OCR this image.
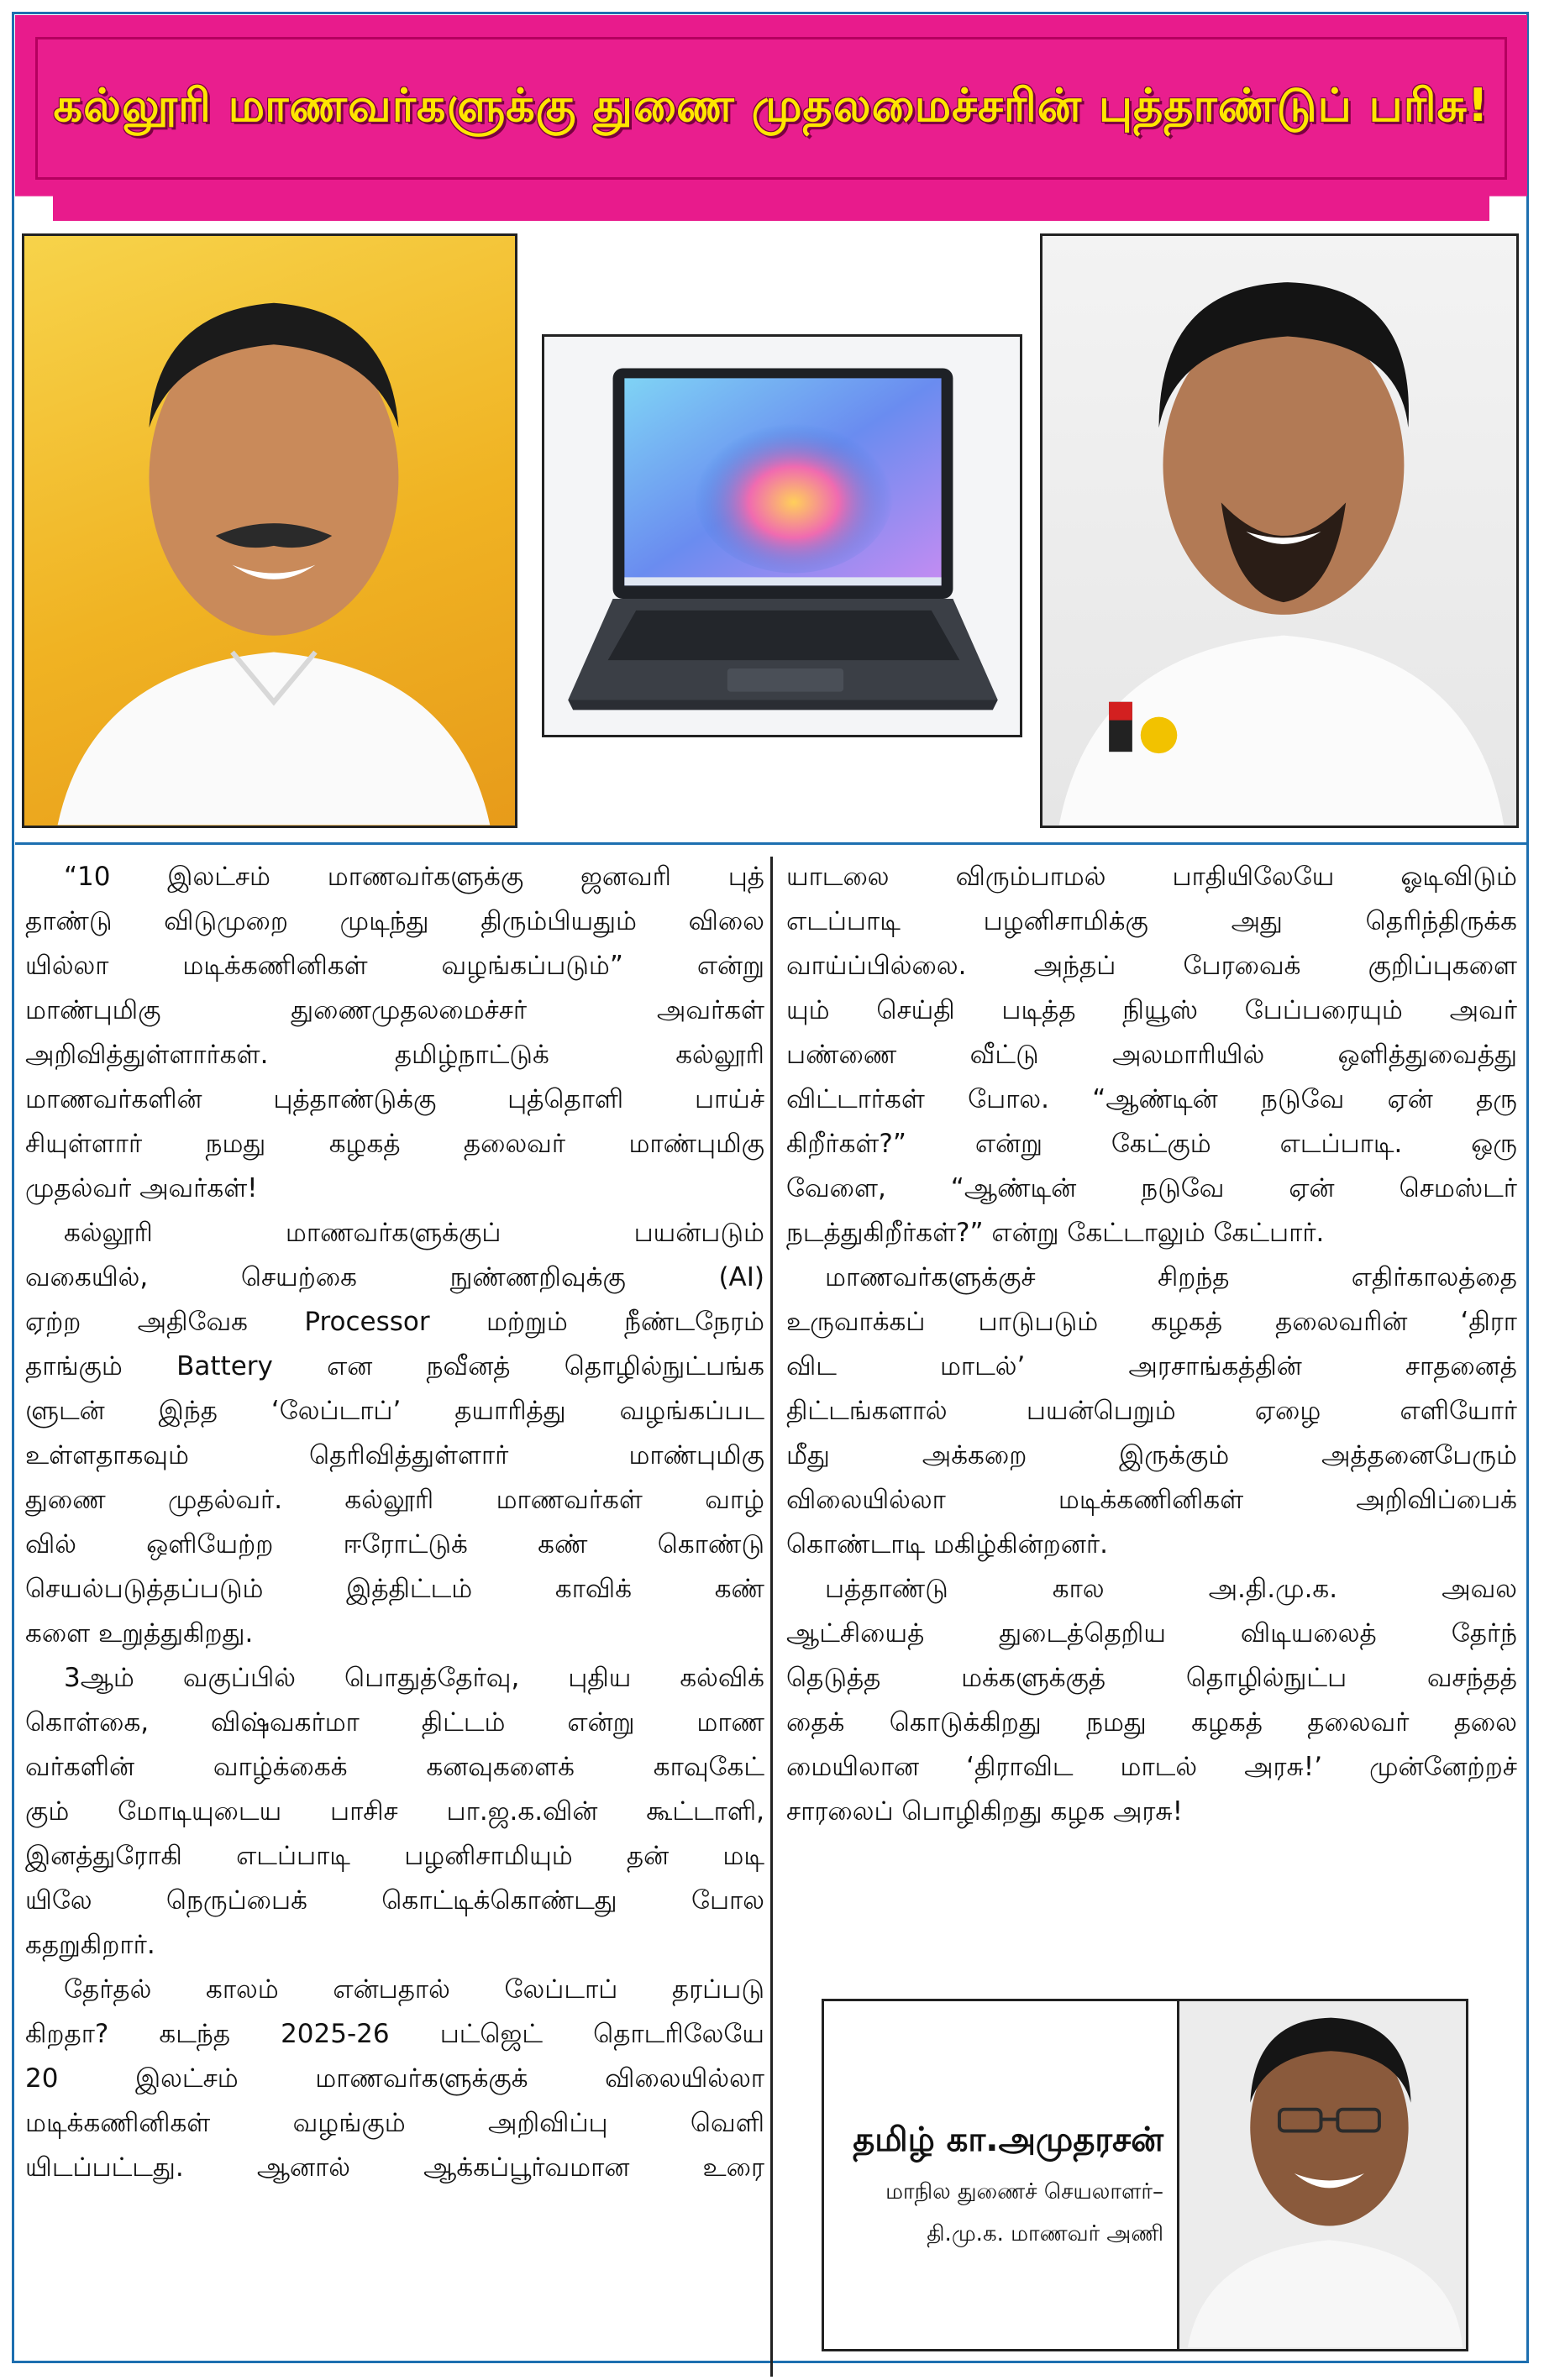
கல்லூரி மாணவர்களுக்கு துணை முதலமைச்சரின் புத்தாண்டுப் பரிசு!
“10 இலட்சம் மாணவர்களுக்கு ஜனவரி புத்
தாண்டு விடுமுறை முடிந்து திரும்பியதும் விலை
யில்லா மடிக்கணினிகள் வழங்கப்படும்” என்று
மாண்புமிகு துணைமுதலமைச்சர் அவர்கள்
அறிவித்துள்ளார்கள். தமிழ்நாட்டுக் கல்லூரி
மாணவர்களின் புத்தாண்டுக்கு புத்தொளி பாய்ச்
சியுள்ளார் நமது கழகத் தலைவர் மாண்புமிகு
முதல்வர் அவர்கள்!
கல்லூரி மாணவர்களுக்குப் பயன்படும்
வகையில், செயற்கை நுண்ணறிவுக்கு (AI)
ஏற்ற அதிவேக Processor மற்றும் நீண்டநேரம்
தாங்கும் Battery என நவீனத் தொழில்நுட்பங்க
ளுடன் இந்த ‘லேப்டாப்’ தயாரித்து வழங்கப்பட
உள்ளதாகவும் தெரிவித்துள்ளார் மாண்புமிகு
துணை முதல்வர். கல்லூரி மாணவர்கள் வாழ்
வில் ஒளியேற்ற ஈரோட்டுக் கண் கொண்டு
செயல்படுத்தப்படும் இத்திட்டம் காவிக் கண்
களை உறுத்துகிறது.
3ஆம் வகுப்பில் பொதுத்தேர்வு, புதிய கல்விக்
கொள்கை, விஷ்வகர்மா திட்டம் என்று மாண
வர்களின் வாழ்க்கைக் கனவுகளைக் காவுகேட்
கும் மோடியுடைய பாசிச பா.ஜ.க.வின் கூட்டாளி,
இனத்துரோகி எடப்பாடி பழனிசாமியும் தன் மடி
யிலே நெருப்பைக் கொட்டிக்கொண்டது போல
கதறுகிறார்.
தேர்தல் காலம் என்பதால் லேப்டாப் தரப்படு
கிறதா? கடந்த 2025-26 பட்ஜெட் தொடரிலேயே
20 இலட்சம் மாணவர்களுக்குக் விலையில்லா
மடிக்கணினிகள் வழங்கும் அறிவிப்பு வெளி
யிடப்பட்டது. ஆனால் ஆக்கப்பூர்வமான உரை
யாடலை விரும்பாமல் பாதியிலேயே ஓடிவிடும்
எடப்பாடி பழனிசாமிக்கு அது தெரிந்திருக்க
வாய்ப்பில்லை. அந்தப் பேரவைக் குறிப்புகளை
யும் செய்தி படித்த நியூஸ் பேப்பரையும் அவர்
பண்ணை வீட்டு அலமாரியில் ஒளித்துவைத்து
விட்டார்கள் போல. “ஆண்டின் நடுவே ஏன் தரு
கிறீர்கள்?” என்று கேட்கும் எடப்பாடி. ஒரு
வேளை, “ஆண்டின் நடுவே ஏன் செமஸ்டர்
நடத்துகிறீர்கள்?” என்று கேட்டாலும் கேட்பார்.
மாணவர்களுக்குச் சிறந்த எதிர்காலத்தை
உருவாக்கப் பாடுபடும் கழகத் தலைவரின் ‘திரா
விட மாடல்’ அரசாங்கத்தின் சாதனைத்
திட்டங்களால் பயன்பெறும் ஏழை எளியோர்
மீது அக்கறை இருக்கும் அத்தனைபேரும்
விலையில்லா மடிக்கணினிகள் அறிவிப்பைக்
கொண்டாடி மகிழ்கின்றனர்.
பத்தாண்டு கால அ.தி.மு.க. அவல
ஆட்சியைத் துடைத்தெறிய விடியலைத் தேர்ந்
தெடுத்த மக்களுக்குத் தொழில்நுட்ப வசந்தத்
தைக் கொடுக்கிறது நமது கழகத் தலைவர் தலை
மையிலான ‘திராவிட மாடல் அரசு!’ முன்னேற்றச்
சாரலைப் பொழிகிறது கழக அரசு!
தமிழ் கா.அமுதரசன்
மாநில துணைச் செயலாளர்–
தி.மு.க. மாணவர் அணி
